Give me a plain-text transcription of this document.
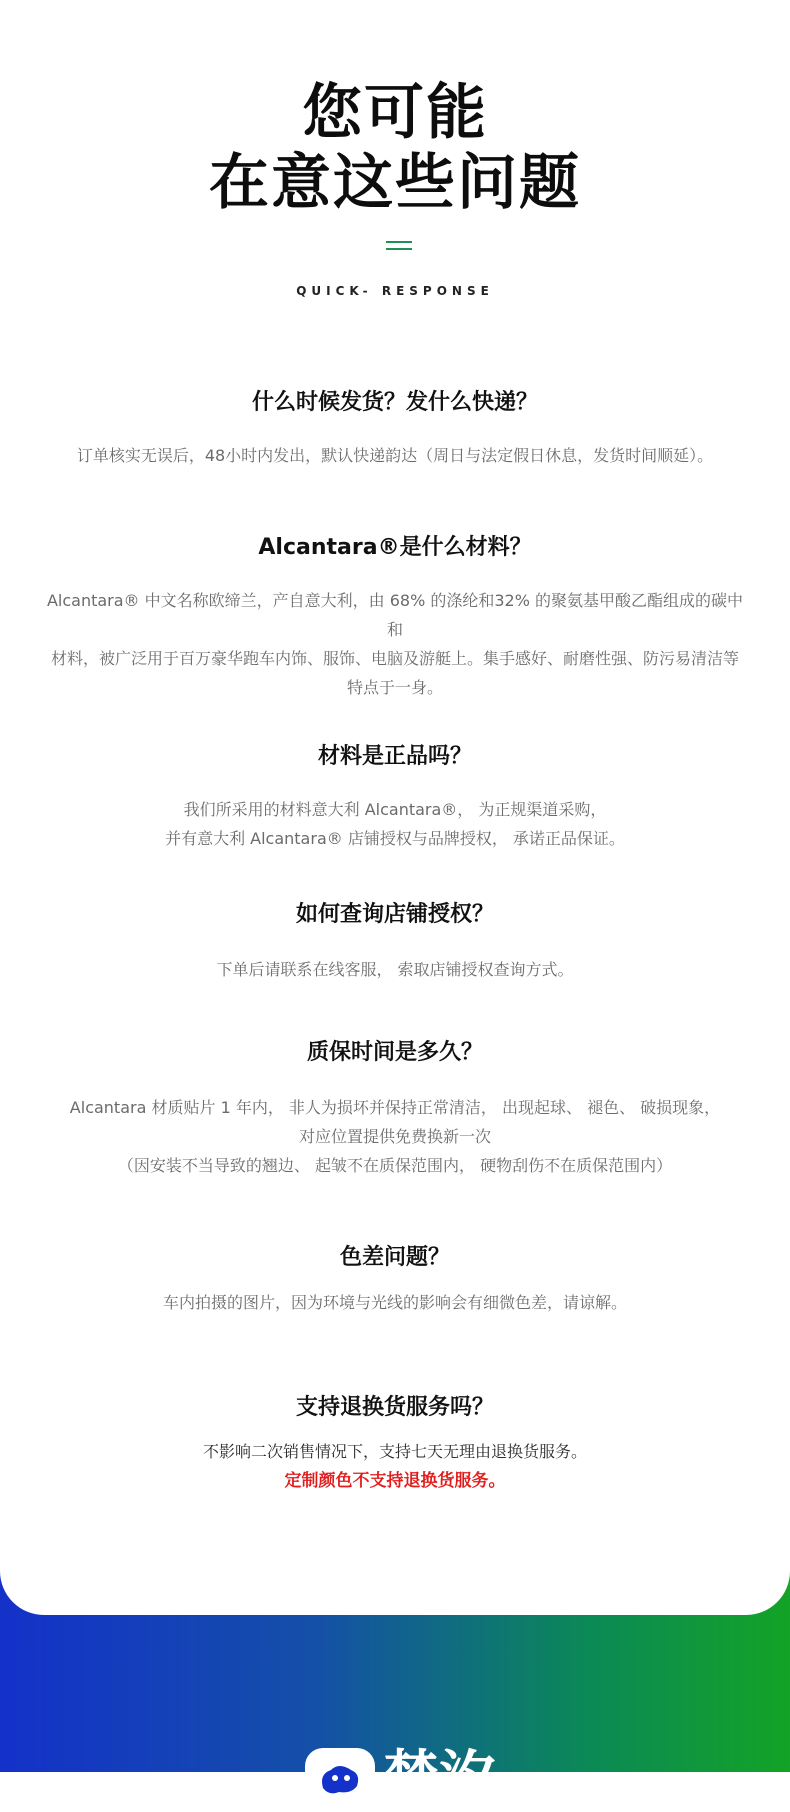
梵汐 ®
您可能
在意这些问题
QUICK- RESPONSE
什么时候发货？发什么快递？
订单核实无误后，48小时内发出，默认快递韵达（周日与法定假日休息，发货时间顺延）。
Alcantara®是什么材料？
Alcantara® 中文名称欧缔兰，产自意大利，由 68% 的涤纶和32% 的聚氨基甲酸乙酯组成的碳中和
材料，被广泛用于百万豪华跑车内饰、服饰、电脑及游艇上。集手感好、耐磨性强、防污易清洁等
特点于一身。
材料是正品吗？
我们所采用的材料意大利 Alcantara®， 为正规渠道采购，
并有意大利 Alcantara® 店铺授权与品牌授权， 承诺正品保证。
如何查询店铺授权？
下单后请联系在线客服， 索取店铺授权查询方式。
质保时间是多久？
Alcantara 材质贴片 1 年内， 非人为损坏并保持正常清洁， 出现起球、 褪色、 破损现象，
对应位置提供免费换新一次
（因安装不当导致的翘边、 起皱不在质保范围内， 硬物刮伤不在质保范围内）
色差问题？
车内拍摄的图片，因为环境与光线的影响会有细微色差，请谅解。
支持退换货服务吗？
不影响二次销售情况下，支持七天无理由退换货服务。
定制颜色不支持退换货服务。
